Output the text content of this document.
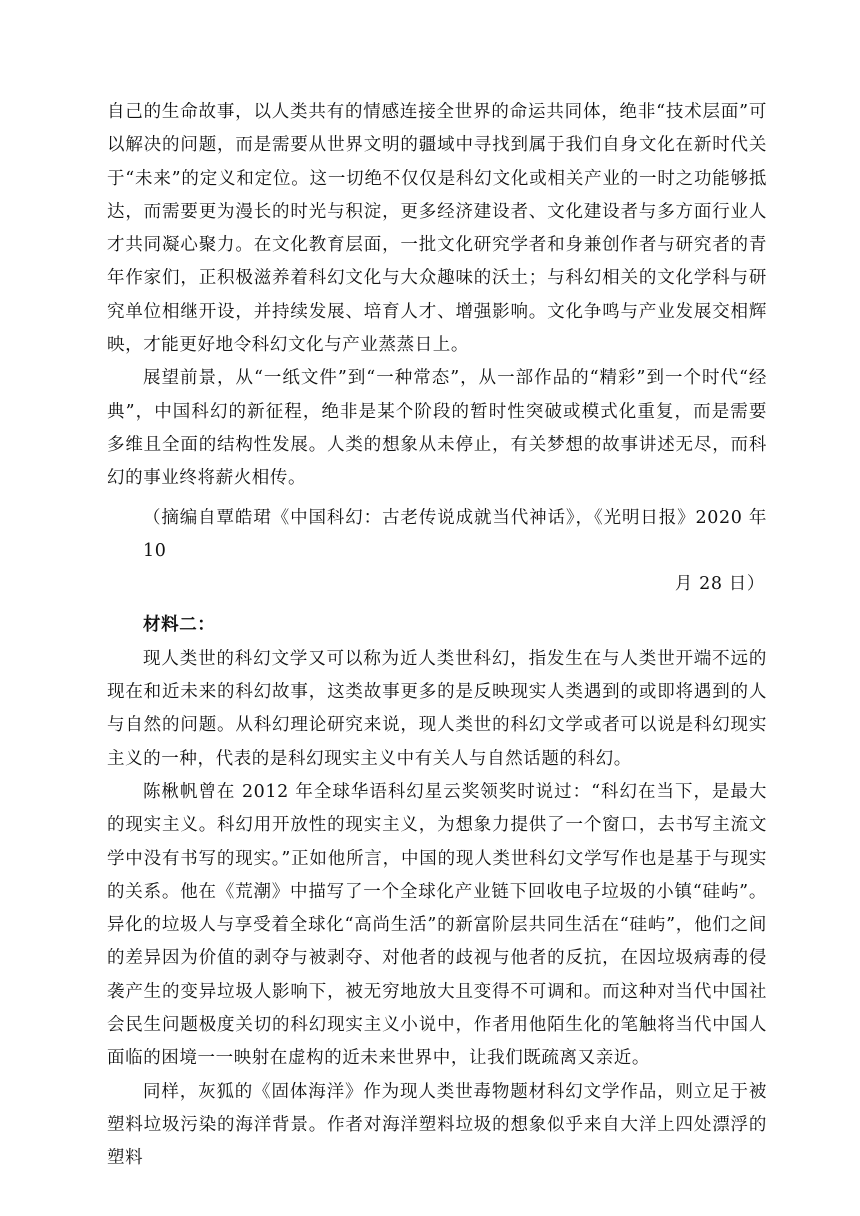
自己的生命故事，以人类共有的情感连接全世界的命运共同体，绝非“技术层面”可以解决的问题，而是需要从世界文明的疆域中寻找到属于我们自身文化在新时代关于“未来”的定义和定位。这一切绝不仅仅是科幻文化或相关产业的一时之功能够抵达，而需要更为漫长的时光与积淀，更多经济建设者、文化建设者与多方面行业人才共同凝心聚力。在文化教育层面，一批文化研究学者和身兼创作者与研究者的青年作家们，正积极滋养着科幻文化与大众趣味的沃土；与科幻相关的文化学科与研究单位相继开设，并持续发展、培育人才、增强影响。文化争鸣与产业发展交相辉映，才能更好地令科幻文化与产业蒸蒸日上。

展望前景，从“一纸文件”到“一种常态”，从一部作品的“精彩”到一个时代“经典”，中国科幻的新征程，绝非是某个阶段的暂时性突破或模式化重复，而是需要多维且全面的结构性发展。人类的想象从未停止，有关梦想的故事讲述无尽，而科幻的事业终将薪火相传。

（摘编自覃皓珺《中国科幻：古老传说成就当代神话》，《光明日报》2020 年 10

月 28 日）

材料二：

现人类世的科幻文学又可以称为近人类世科幻，指发生在与人类世开端不远的现在和近未来的科幻故事，这类故事更多的是反映现实人类遇到的或即将遇到的人与自然的问题。从科幻理论研究来说，现人类世的科幻文学或者可以说是科幻现实主义的一种，代表的是科幻现实主义中有关人与自然话题的科幻。

陈楸帆曾在 2012 年全球华语科幻星云奖领奖时说过：“科幻在当下，是最大的现实主义。科幻用开放性的现实主义，为想象力提供了一个窗口，去书写主流文学中没有书写的现实。”正如他所言，中国的现人类世科幻文学写作也是基于与现实的关系。他在《荒潮》中描写了一个全球化产业链下回收电子垃圾的小镇“硅屿”。异化的垃圾人与享受着全球化“高尚生活”的新富阶层共同生活在“硅屿”，他们之间的差异因为价值的剥夺与被剥夺、对他者的歧视与他者的反抗，在因垃圾病毒的侵袭产生的变异垃圾人影响下，被无穷地放大且变得不可调和。而这种对当代中国社会民生问题极度关切的科幻现实主义小说中，作者用他陌生化的笔触将当代中国人面临的困境一一映射在虚构的近未来世界中，让我们既疏离又亲近。

同样，灰狐的《固体海洋》作为现人类世毒物题材科幻文学作品，则立足于被塑料垃圾污染的海洋背景。作者对海洋塑料垃圾的想象似乎来自大洋上四处漂浮的塑料
